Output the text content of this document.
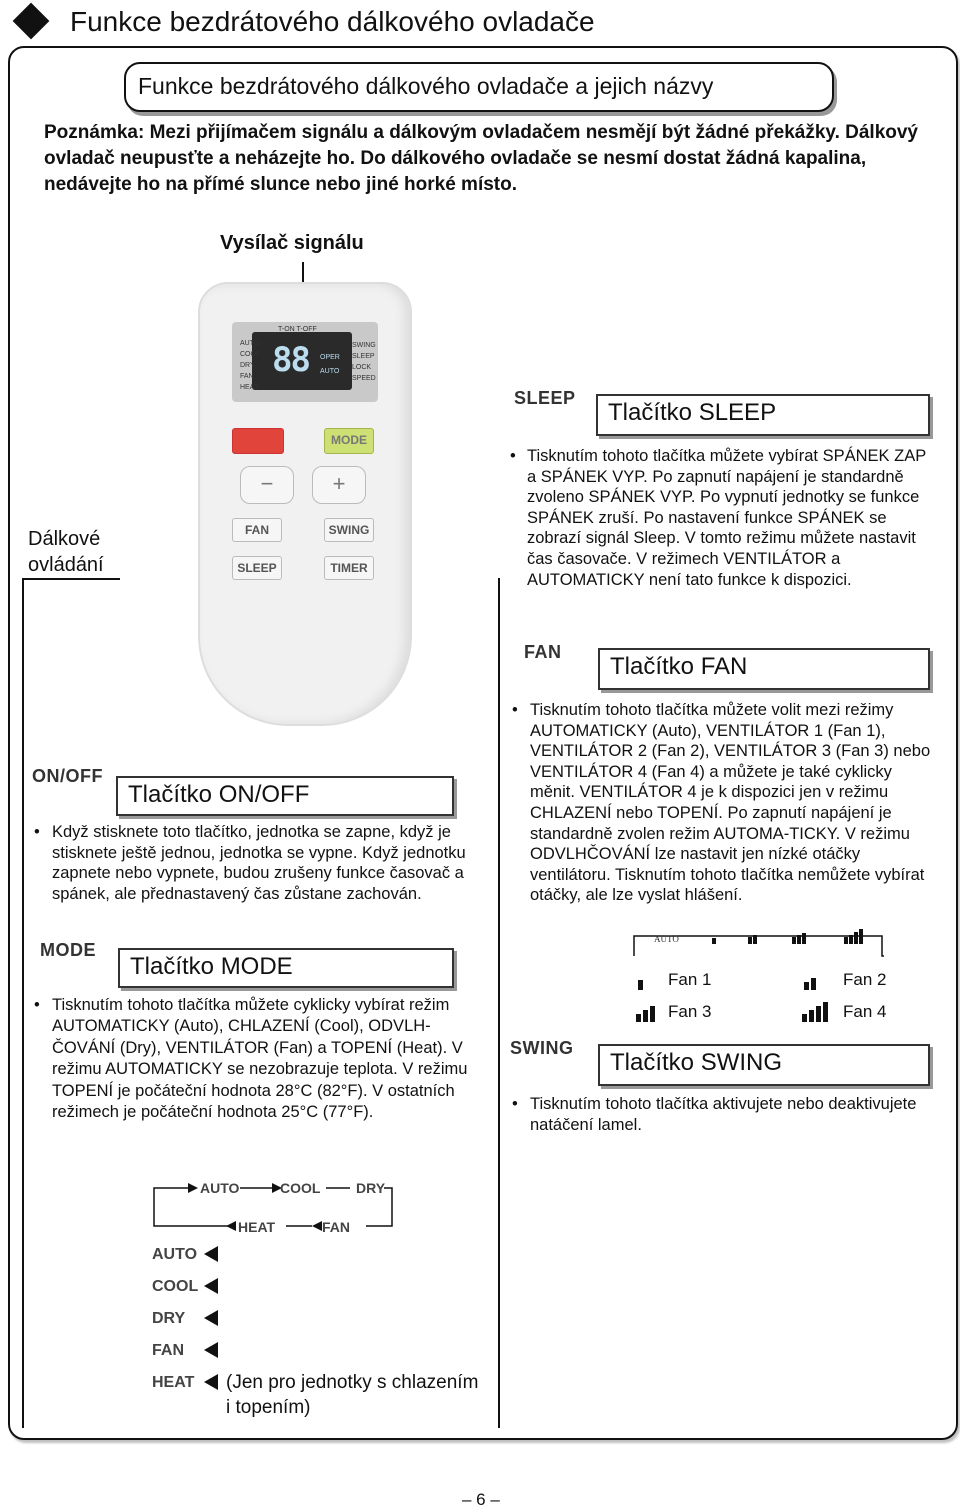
Funkce bezdrátového dálkového ovladače
Funkce bezdrátového dálkového ovladače a jejich názvy
Poznámka: Mezi přijímačem signálu a dálkovým ovladačem nesmějí být žádné překážky. Dálkový ovladač neupusťte a neházejte ho. Do dálkového ovladače se nesmí dostat žádná kapalina, nedávejte ho na přímé slunce nebo jiné horké místo.
Vysílač signálu
Dálkové
ovládání
T-ON T-OFF
88
AUTO
COOL
DRY
FAN
HEAT
SWING
SLEEP
LOCK
SPEED
OPER
AUTO
ON/OFF	MODE
−	+
FAN	SWING
SLEEP	TIMER
SLEEP
Tlačítko SLEEP
• Tisknutím tohoto tlačítka můžete vybírat SPÁNEK ZAP a SPÁNEK VYP. Po zapnutí napájení je standardně zvoleno SPÁNEK VYP. Po vypnutí jednotky se funkce SPÁNEK zruší. Po nastavení funkce SPÁNEK se zobrazí signál Sleep. V tomto režimu můžete nastavit čas časovače. V režimech VENTILÁTOR a AUTOMATICKY není tato funkce k dispozici.
FAN
Tlačítko FAN
• Tisknutím tohoto tlačítka můžete volit mezi režimy AUTOMATICKY (Auto), VENTILÁTOR 1 (Fan 1), VENTILÁTOR 2 (Fan 2), VENTILÁTOR 3 (Fan 3) nebo VENTILÁTOR 4 (Fan 4) a můžete je také cyklicky měnit. VENTILÁTOR 4 je k dispozici jen v režimu CHLAZENÍ nebo TOPENÍ. Po zapnutí napájení je standardně zvolen režim AUTOMA-TICKY. V režimu ODVLHČOVÁNÍ lze nastavit jen nízké otáčky ventilátoru. Tisknutím tohoto tlačítka nemůžete vybírat otáčky, ale lze vyslat hlášení.
AUTO
Fan 1	Fan 2
Fan 3	Fan 4
SWING
Tlačítko SWING
• Tisknutím tohoto tlačítka aktivujete nebo deaktivujete natáčení lamel.
ON/OFF
Tlačítko ON/OFF
• Když stisknete toto tlačítko, jednotka se zapne, když je stisknete ještě jednou, jednotka se vypne. Když jednotku zapnete nebo vypnete, budou zrušeny funkce časovač a spánek, ale přednastavený čas zůstane zachován.
MODE
Tlačítko MODE
• Tisknutím tohoto tlačítka můžete cyklicky vybírat režim AUTOMATICKY (Auto), CHLAZENÍ (Cool), ODVLH-ČOVÁNÍ (Dry), VENTILÁTOR (Fan) a TOPENÍ (Heat). V režimu AUTOMATICKY se nezobrazuje teplota. V režimu TOPENÍ je počáteční hodnota 28°C (82°F). V ostatních režimech je počáteční hodnota 25°C (77°F).
AUTO	COOL	DRY
HEAT	FAN
AUTO
COOL
DRY
FAN
HEAT (Jen pro jednotky s chlazením i topením)
– 6 –
